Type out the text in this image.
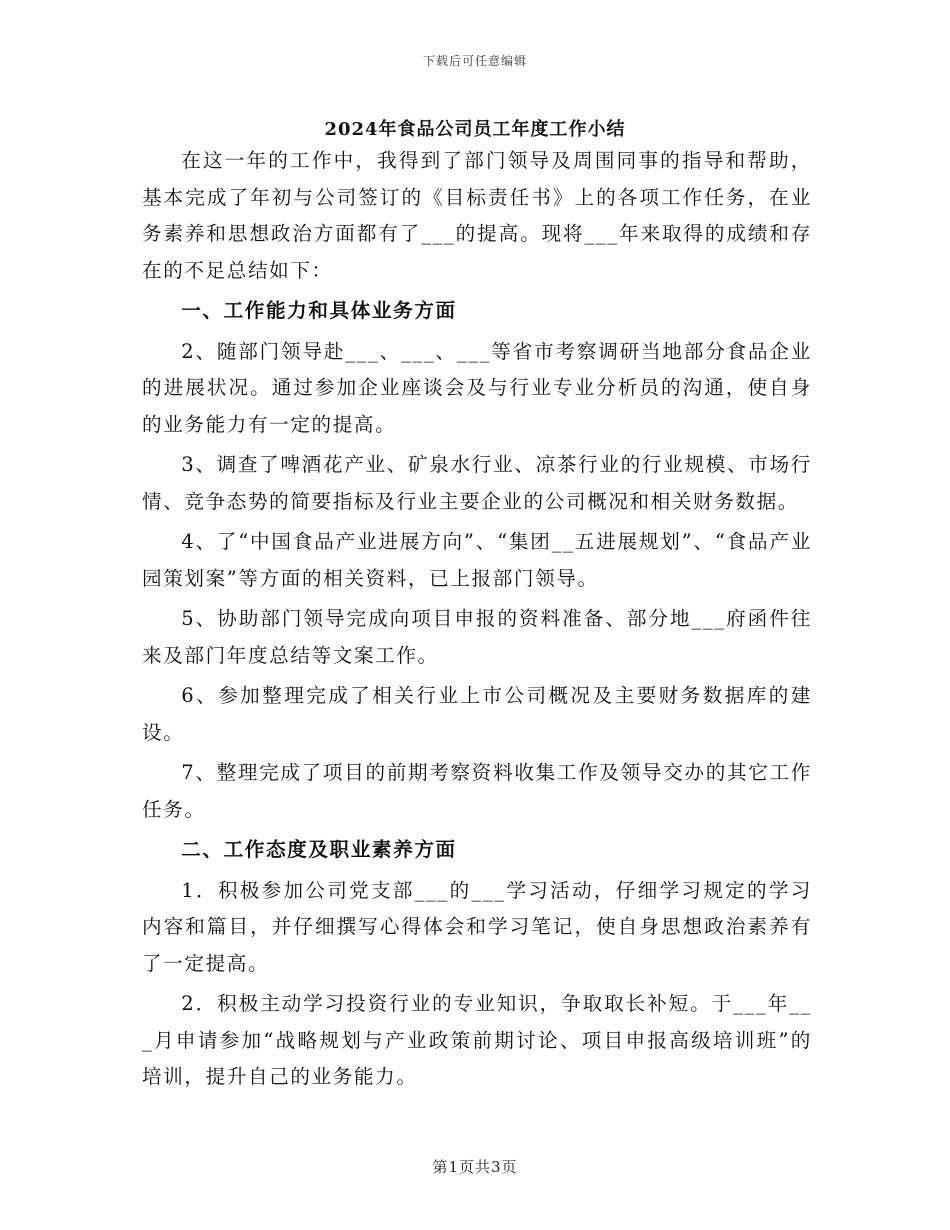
下载后可任意编辑
2024年食品公司员工年度工作小结

在这一年的工作中，我得到了部门领导及周围同事的指导和帮助，基本完成了年初与公司签订的《目标责任书》上的各项工作任务，在业务素养和思想政治方面都有了___的提高。现将___年来取得的成绩和存在的不足总结如下：

一、工作能力和具体业务方面

2、随部门领导赴___、___、___等省市考察调研当地部分食品企业的进展状况。通过参加企业座谈会及与行业专业分析员的沟通，使自身的业务能力有一定的提高。

3、调查了啤酒花产业、矿泉水行业、凉茶行业的行业规模、市场行情、竞争态势的简要指标及行业主要企业的公司概况和相关财务数据。

4、了“中国食品产业进展方向”、“集团__五进展规划”、“食品产业园策划案”等方面的相关资料，已上报部门领导。

5、协助部门领导完成向项目申报的资料准备、部分地___府函件往来及部门年度总结等文案工作。

6、参加整理完成了相关行业上市公司概况及主要财务数据库的建设。

7、整理完成了项目的前期考察资料收集工作及领导交办的其它工作任务。

二、工作态度及职业素养方面

1．积极参加公司党支部___的___学习活动，仔细学习规定的学习内容和篇目，并仔细撰写心得体会和学习笔记，使自身思想政治素养有了一定提高。

2．积极主动学习投资行业的专业知识，争取取长补短。于___年___月申请参加“战略规划与产业政策前期讨论、项目申报高级培训班”的培训，提升自己的业务能力。

第1页共3页
